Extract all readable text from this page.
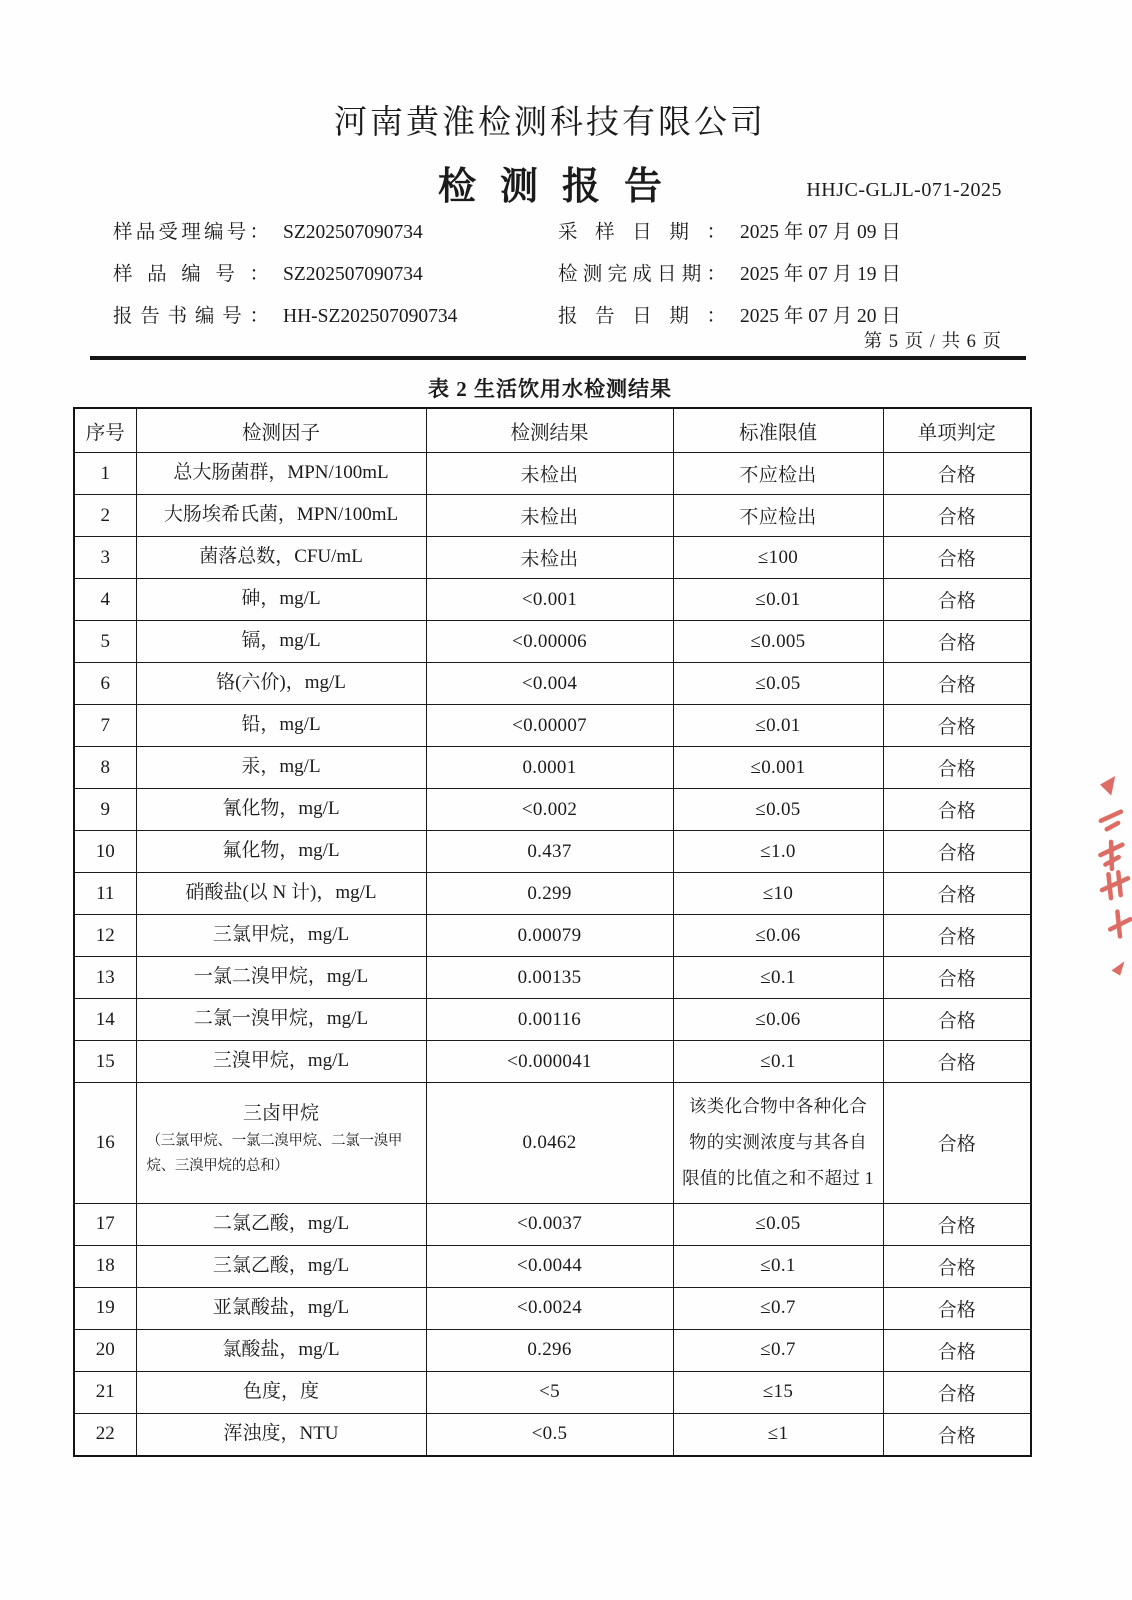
河南黄淮检测科技有限公司
检测报告	HHJC-GLJL-071-2025
样品受理编号： SZ202507090734	采 样 日 期 ： 2025 年 07 月 09 日
样 品 编 号 ： SZ202507090734	检测完成日期： 2025 年 07 月 19 日
报 告 书 编 号 ： HH-SZ202507090734	报 告 日 期 ： 2025 年 07 月 20 日
第 5 页 / 共 6 页
表 2 生活饮用水检测结果
序号	检测因子	检测结果	标准限值	单项判定
1	总大肠菌群，MPN/100mL	未检出	不应检出	合格
2	大肠埃希氏菌，MPN/100mL	未检出	不应检出	合格
3	菌落总数，CFU/mL	未检出	≤100	合格
4	砷，mg/L	<0.001	≤0.01	合格
5	镉，mg/L	<0.00006	≤0.005	合格
6	铬(六价)，mg/L	<0.004	≤0.05	合格
7	铅，mg/L	<0.00007	≤0.01	合格
8	汞，mg/L	0.0001	≤0.001	合格
9	氰化物，mg/L	<0.002	≤0.05	合格
10	氟化物，mg/L	0.437	≤1.0	合格
11	硝酸盐(以 N 计)，mg/L	0.299	≤10	合格
12	三氯甲烷，mg/L	0.00079	≤0.06	合格
13	一氯二溴甲烷，mg/L	0.00135	≤0.1	合格
14	二氯一溴甲烷，mg/L	0.00116	≤0.06	合格
15	三溴甲烷，mg/L	<0.000041	≤0.1	合格
16	三卤甲烷
（三氯甲烷、一氯二溴甲烷、二氯一溴甲烷、三溴甲烷的总和）	0.0462	该类化合物中各种化合物的实测浓度与其各自限值的比值之和不超过 1	合格
17	二氯乙酸，mg/L	<0.0037	≤0.05	合格
18	三氯乙酸，mg/L	<0.0044	≤0.1	合格
19	亚氯酸盐，mg/L	<0.0024	≤0.7	合格
20	氯酸盐，mg/L	0.296	≤0.7	合格
21	色度，度	<5	≤15	合格
22	浑浊度，NTU	<0.5	≤1	合格
